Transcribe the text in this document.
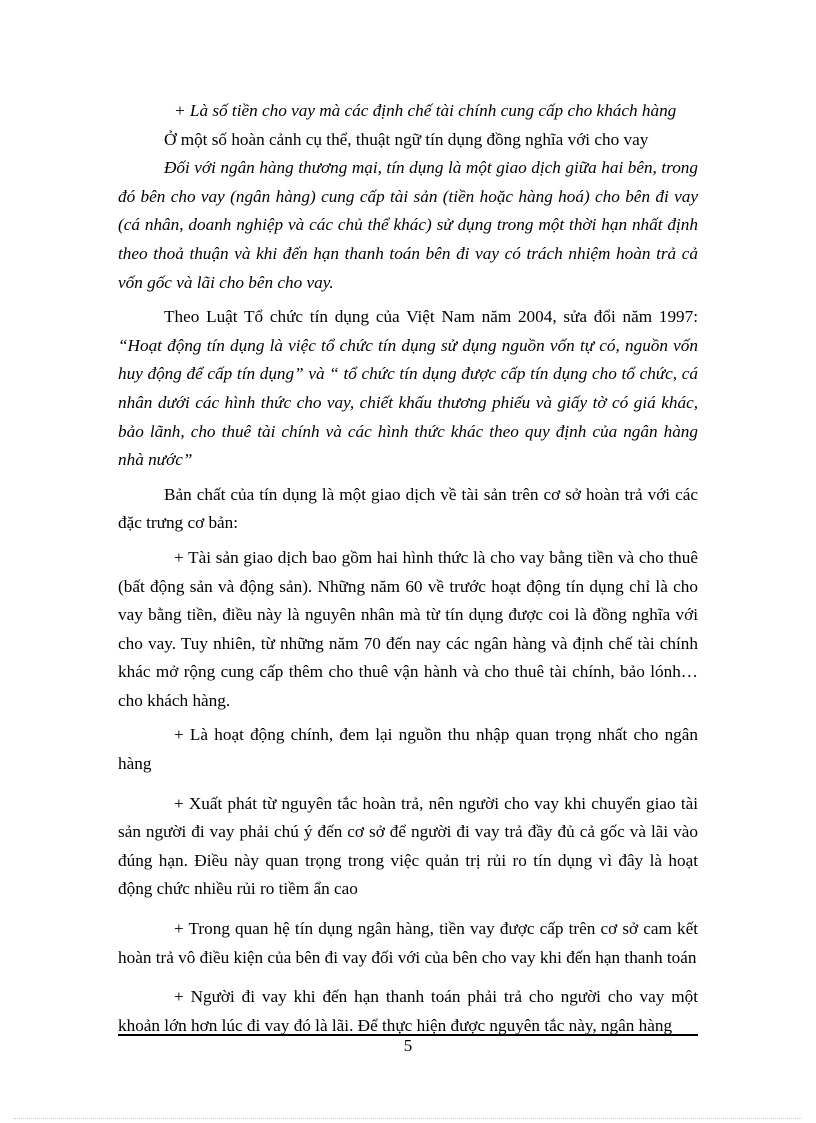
+ Là số tiền cho vay mà các định chế tài chính cung cấp cho khách hàng

Ở một số hoàn cảnh cụ thể, thuật ngữ tín dụng đồng nghĩa với cho vay

Đối với ngân hàng thương mại, tín dụng là một giao dịch giữa hai bên, trong đó bên cho vay (ngân hàng) cung cấp tài sản (tiền hoặc hàng hoá) cho bên đi vay (cá nhân, doanh nghiệp và các chủ thể khác) sử dụng trong một thời hạn nhất định theo thoả thuận và khi đến hạn thanh toán bên đi vay có trách nhiệm hoàn trả cả vốn gốc và lãi cho bên cho vay.

Theo Luật Tổ chức tín dụng của Việt Nam năm 2004, sửa đổi năm 1997: “Hoạt động tín dụng là việc tổ chức tín dụng sử dụng nguồn vốn tự có, nguồn vốn huy động để cấp tín dụng” và “ tổ chức tín dụng được cấp tín dụng cho tổ chức, cá nhân dưới các hình thức cho vay, chiết khấu thương phiếu và giấy tờ có giá khác, bảo lãnh, cho thuê tài chính và các hình thức khác theo quy định của ngân hàng nhà nước”

Bản chất của tín dụng là một giao dịch về tài sản trên cơ sở hoàn trả với các đặc trưng cơ bản:

+ Tài sản giao dịch bao gồm hai hình thức là cho vay bằng tiền và cho thuê (bất động sản và động sản). Những năm 60 về trước hoạt động tín dụng chỉ là cho vay bằng tiền, điều này là nguyên nhân mà từ tín dụng được coi là đồng nghĩa với cho vay. Tuy nhiên, từ những năm 70 đến nay các ngân hàng và định chế tài chính khác mở rộng cung cấp thêm cho thuê vận hành và cho thuê tài chính, bảo lónh…cho khách hàng.

+ Là hoạt động chính, đem lại nguồn thu nhập quan trọng nhất cho ngân hàng

+ Xuất phát từ nguyên tắc hoàn trả, nên người cho vay khi chuyển giao tài sản người đi vay phải chú ý đến cơ sở để người đi vay trả đầy đủ cả gốc và lãi vào đúng hạn. Điều này quan trọng trong việc quản trị rủi ro tín dụng vì đây là hoạt động chức nhiều rủi ro tiềm ẩn cao

+ Trong quan hệ tín dụng ngân hàng, tiền vay được cấp trên cơ sở cam kết hoàn trả vô điều kiện của bên đi vay đối với của bên cho vay khi đến hạn thanh toán

+ Người đi vay khi đến hạn thanh toán phải trả cho người cho vay một khoản lớn hơn lúc đi vay đó là lãi. Để thực hiện được nguyên tắc này, ngân hàng

5
